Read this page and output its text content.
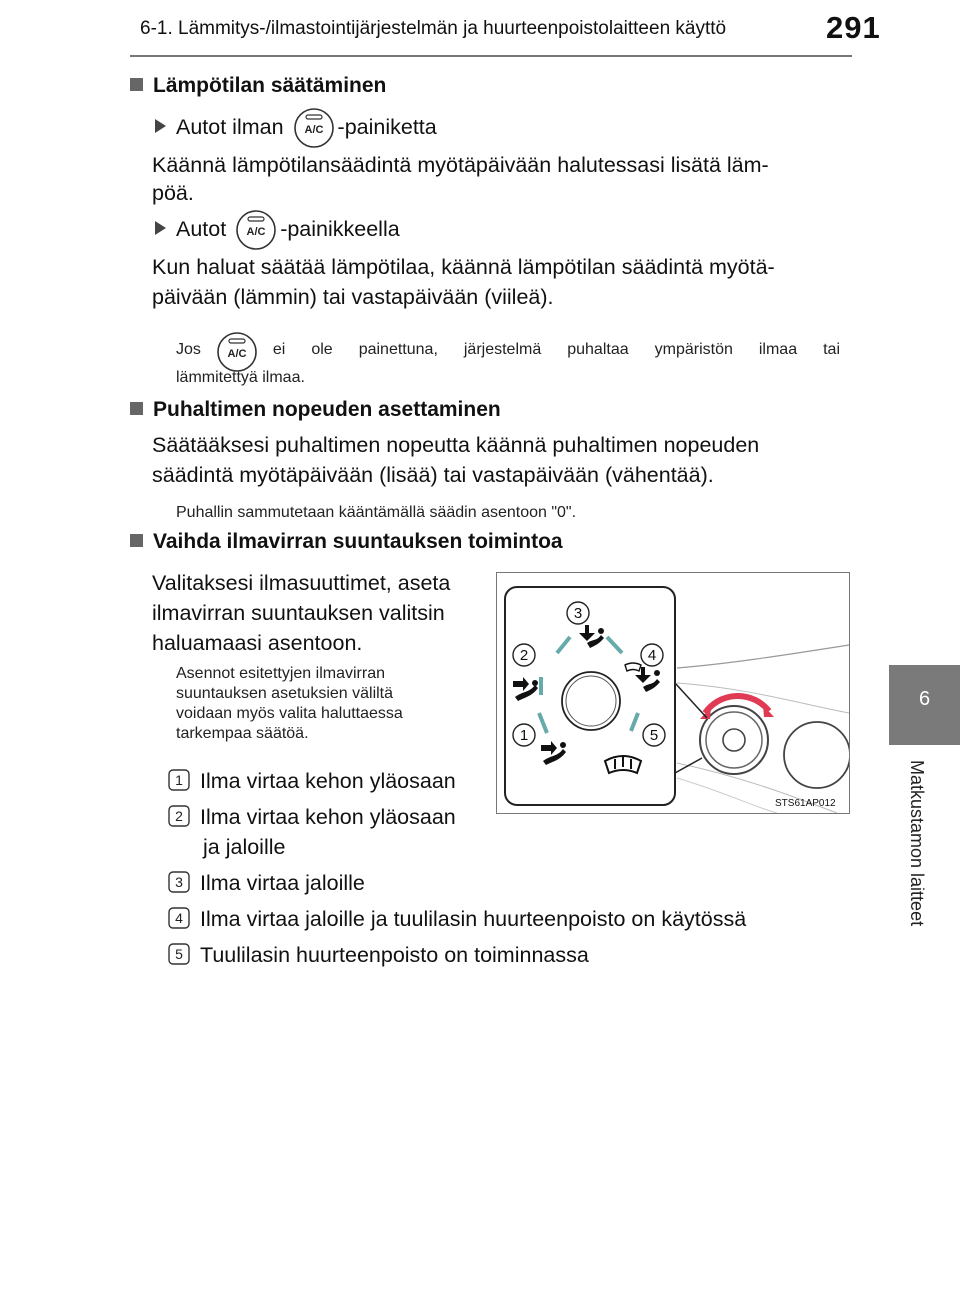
6-1. Lämmitys-/ilmastointijärjestelmän ja huurteenpoistolaitteen käyttö	291
6
Matkustamon laitteet
Lämpötilan säätäminen
Autot ilman A/C -painiketta
Käännä lämpötilansäädintä myötäpäivään halutessasi lisätä läm-
pöä.
Autot A/C -painikkeella
Kun haluat säätää lämpötilaa, käännä lämpötilan säädintä myötä-
päivään (lämmin) tai vastapäivään (viileä).
Jos A/C ei ole painettuna, järjestelmä puhaltaa ympäristön ilmaa tai
lämmitettyä ilmaa.
Puhaltimen nopeuden asettaminen
Säätääksesi puhaltimen nopeutta käännä puhaltimen nopeuden
säädintä myötäpäivään (lisää) tai vastapäivään (vähentää).
Puhallin sammutetaan kääntämällä säädin asentoon "0".
Vaihda ilmavirran suuntauksen toimintoa
Valitaksesi ilmasuuttimet, aseta
ilmavirran suuntauksen valitsin
haluamaasi asentoon.
Asennot esitettyjen ilmavirran
suuntauksen asetuksien väliltä
voidaan myös valita haluttaessa
tarkempaa säätöä.
1 Ilma virtaa kehon yläosaan
2 Ilma virtaa kehon yläosaan
ja jaloille
3 Ilma virtaa jaloille
4 Ilma virtaa jaloille ja tuulilasin huurteenpoisto on käytössä
5 Tuulilasin huurteenpoisto on toiminnassa
3
2	4
1	5
STS61AP012
